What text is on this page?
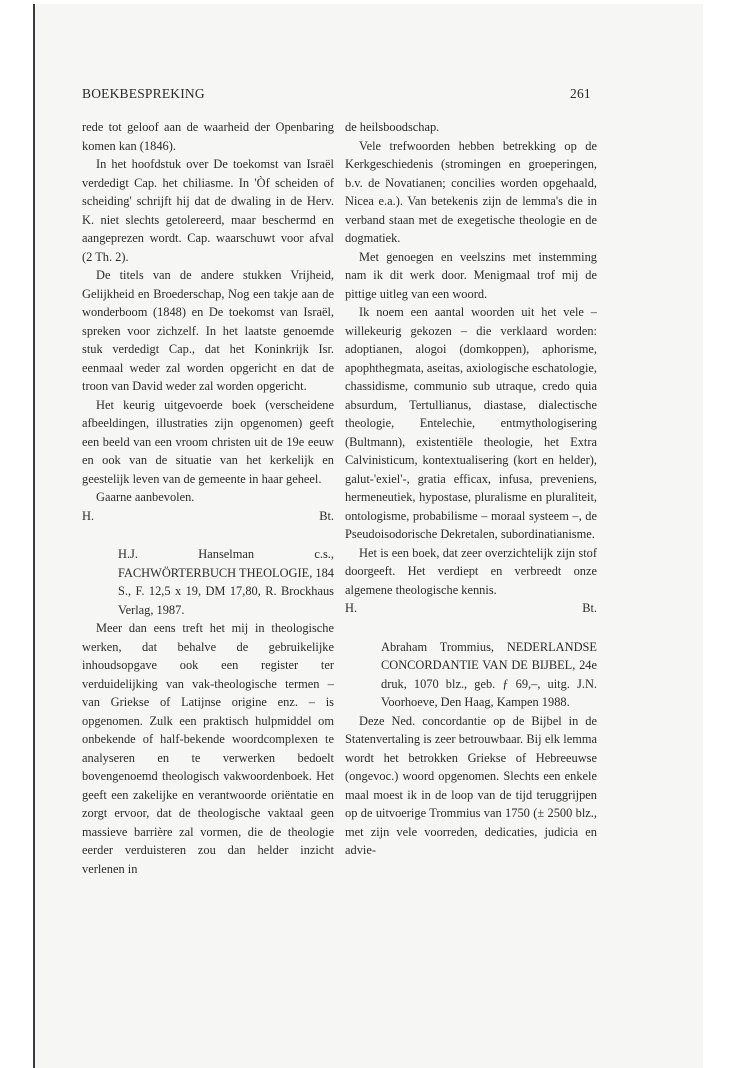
BOEKBESPREKING	261

rede tot geloof aan de waarheid der Openbaring komen kan (1846).

In het hoofdstuk over De toekomst van Israël verdedigt Cap. het chiliasme. In 'Òf scheiden of scheiding' schrijft hij dat de dwaling in de Herv. K. niet slechts getolereerd, maar beschermd en aangeprezen wordt. Cap. waarschuwt voor afval (2 Th. 2).

De titels van de andere stukken Vrijheid, Gelijkheid en Broederschap, Nog een takje aan de wonderboom (1848) en De toekomst van Israël, spreken voor zichzelf. In het laatste genoemde stuk verdedigt Cap., dat het Koninkrijk Isr. eenmaal weder zal worden opgericht en dat de troon van David weder zal worden opgericht.

Het keurig uitgevoerde boek (verscheidene afbeeldingen, illustraties zijn opgenomen) geeft een beeld van een vroom christen uit de 19e eeuw en ook van de situatie van het kerkelijk en geestelijk leven van de gemeente in haar geheel.

Gaarne aanbevolen.

H.	Bt.

H.J. Hanselman c.s., FACHWÖRTERBUCH THEOLOGIE, 184 S., F. 12,5 x 19, DM 17,80, R. Brockhaus Verlag, 1987.

Meer dan eens treft het mij in theologische werken, dat behalve de gebruikelijke inhoudsopgave ook een register ter verduidelijking van vak-theologische termen – van Griekse of Latijnse origine enz. – is opgenomen. Zulk een praktisch hulpmiddel om onbekende of half-bekende woordcomplexen te analyseren en te verwerken bedoelt bovengenoemd theologisch vakwoordenboek. Het geeft een zakelijke en verantwoorde oriëntatie en zorgt ervoor, dat de theologische vaktaal geen massieve barrière zal vormen, die de theologie eerder verduisteren zou dan helder inzicht verlenen in

de heilsboodschap.

Vele trefwoorden hebben betrekking op de Kerkgeschiedenis (stromingen en groeperingen, b.v. de Novatianen; concilies worden opgehaald, Nicea e.a.). Van betekenis zijn de lemma's die in verband staan met de exegetische theologie en de dogmatiek.

Met genoegen en veelszins met instemming nam ik dit werk door. Menigmaal trof mij de pittige uitleg van een woord.

Ik noem een aantal woorden uit het vele – willekeurig gekozen – die verklaard worden: adoptianen, alogoi (domkoppen), aphorisme, apophthegmata, aseitas, axiologische eschatologie, chassidisme, communio sub utraque, credo quia absurdum, Tertullianus, diastase, dialectische theologie, Entelechie, entmythologisering (Bultmann), existentiële theologie, het Extra Calvinisticum, kontextualisering (kort en helder), galut-'exiel'-, gratia efficax, infusa, preveniens, hermeneutiek, hypostase, pluralisme en pluraliteit, ontologisme, probabilisme – moraal systeem –, de Pseudoisodorische Dekretalen, subordinatianisme.

Het is een boek, dat zeer overzichtelijk zijn stof doorgeeft. Het verdiept en verbreedt onze algemene theologische kennis.

H.	Bt.

Abraham Trommius, NEDERLANDSE CONCORDANTIE VAN DE BIJBEL, 24e druk, 1070 blz., geb. ƒ 69,–, uitg. J.N. Voorhoeve, Den Haag, Kampen 1988.

Deze Ned. concordantie op de Bijbel in de Statenvertaling is zeer betrouwbaar. Bij elk lemma wordt het betrokken Griekse of Hebreeuwse (ongevoc.) woord opgenomen. Slechts een enkele maal moest ik in de loop van de tijd teruggrijpen op de uitvoerige Trommius van 1750 (± 2500 blz., met zijn vele voorreden, dedicaties, judicia en advie-
